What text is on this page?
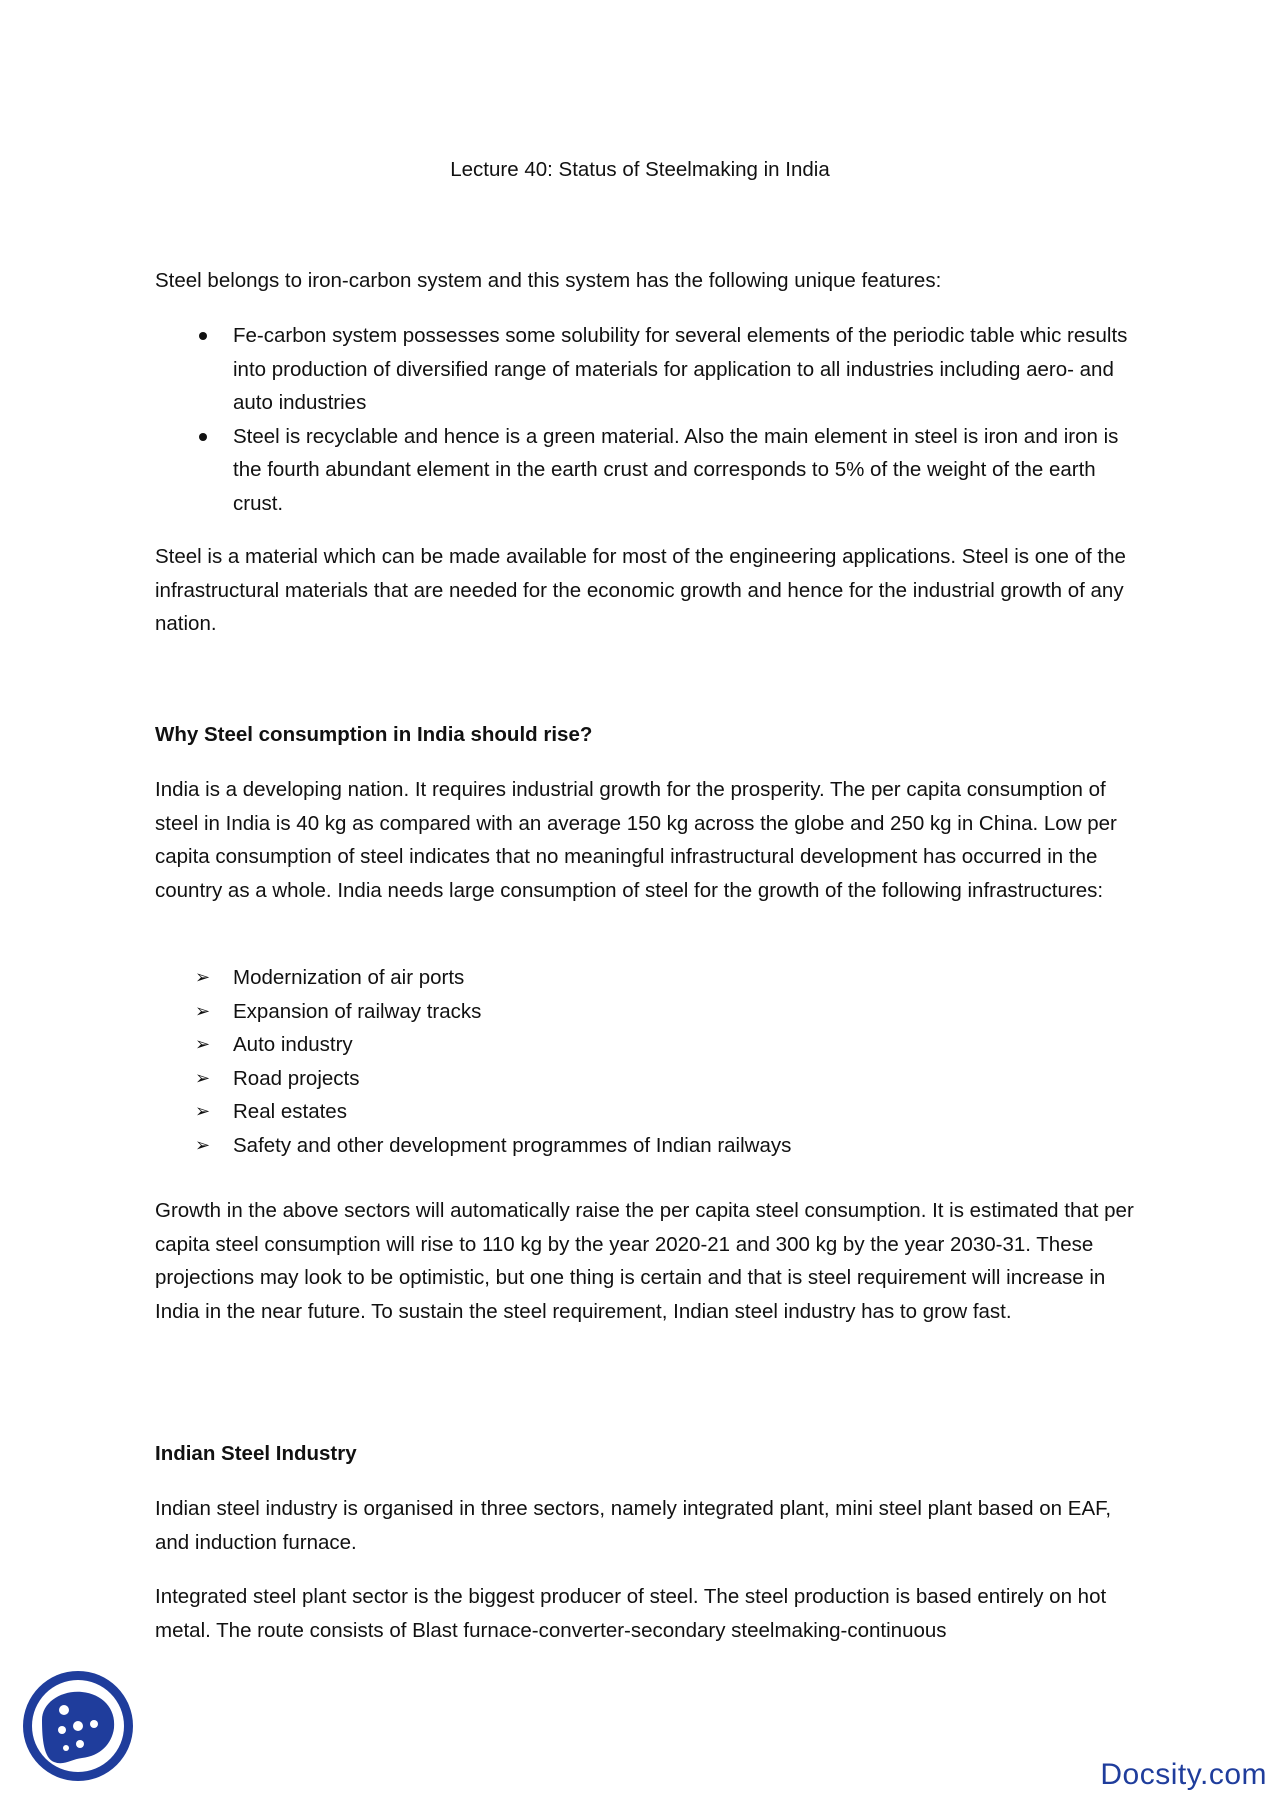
Lecture 40: Status of Steelmaking in India

Steel belongs to iron-carbon system and this system has the following unique features:

Fe-carbon system possesses some solubility for several elements of the periodic table whic results into production of diversified range of materials for application to all industries including aero- and auto industries
Steel is recyclable and hence is a green material. Also the main element in steel is iron and iron is the fourth abundant element in the earth crust and corresponds to 5% of the weight of the earth crust.

Steel is a material which can be made available for most of the engineering applications. Steel is one of the infrastructural materials that are needed for the economic growth and hence for the industrial growth of any nation.

Why Steel consumption in India should rise?

India is a developing nation. It requires industrial growth for the prosperity. The per capita consumption of steel in India is 40 kg as compared with an average 150 kg across the globe and 250 kg in China. Low per capita consumption of steel indicates that no meaningful infrastructural development has occurred in the country as a whole. India needs large consumption of steel for the growth of the following infrastructures:

➢ Modernization of air ports
➢ Expansion of railway tracks
➢ Auto industry
➢ Road projects
➢ Real estates
➢ Safety and other development programmes of Indian railways

Growth in the above sectors will automatically raise the per capita steel consumption. It is estimated that per capita steel consumption will rise to 110 kg by the year 2020-21 and 300 kg by the year 2030-31. These projections may look to be optimistic, but one thing is certain and that is steel requirement will increase in India in the near future. To sustain the steel requirement, Indian steel industry has to grow fast.

Indian Steel Industry

Indian steel industry is organised in three sectors, namely integrated plant, mini steel plant based on EAF, and induction furnace.

Integrated steel plant sector is the biggest producer of steel. The steel production is based entirely on hot metal. The route consists of Blast furnace-converter-secondary steelmaking-continuous

Docsity.com
